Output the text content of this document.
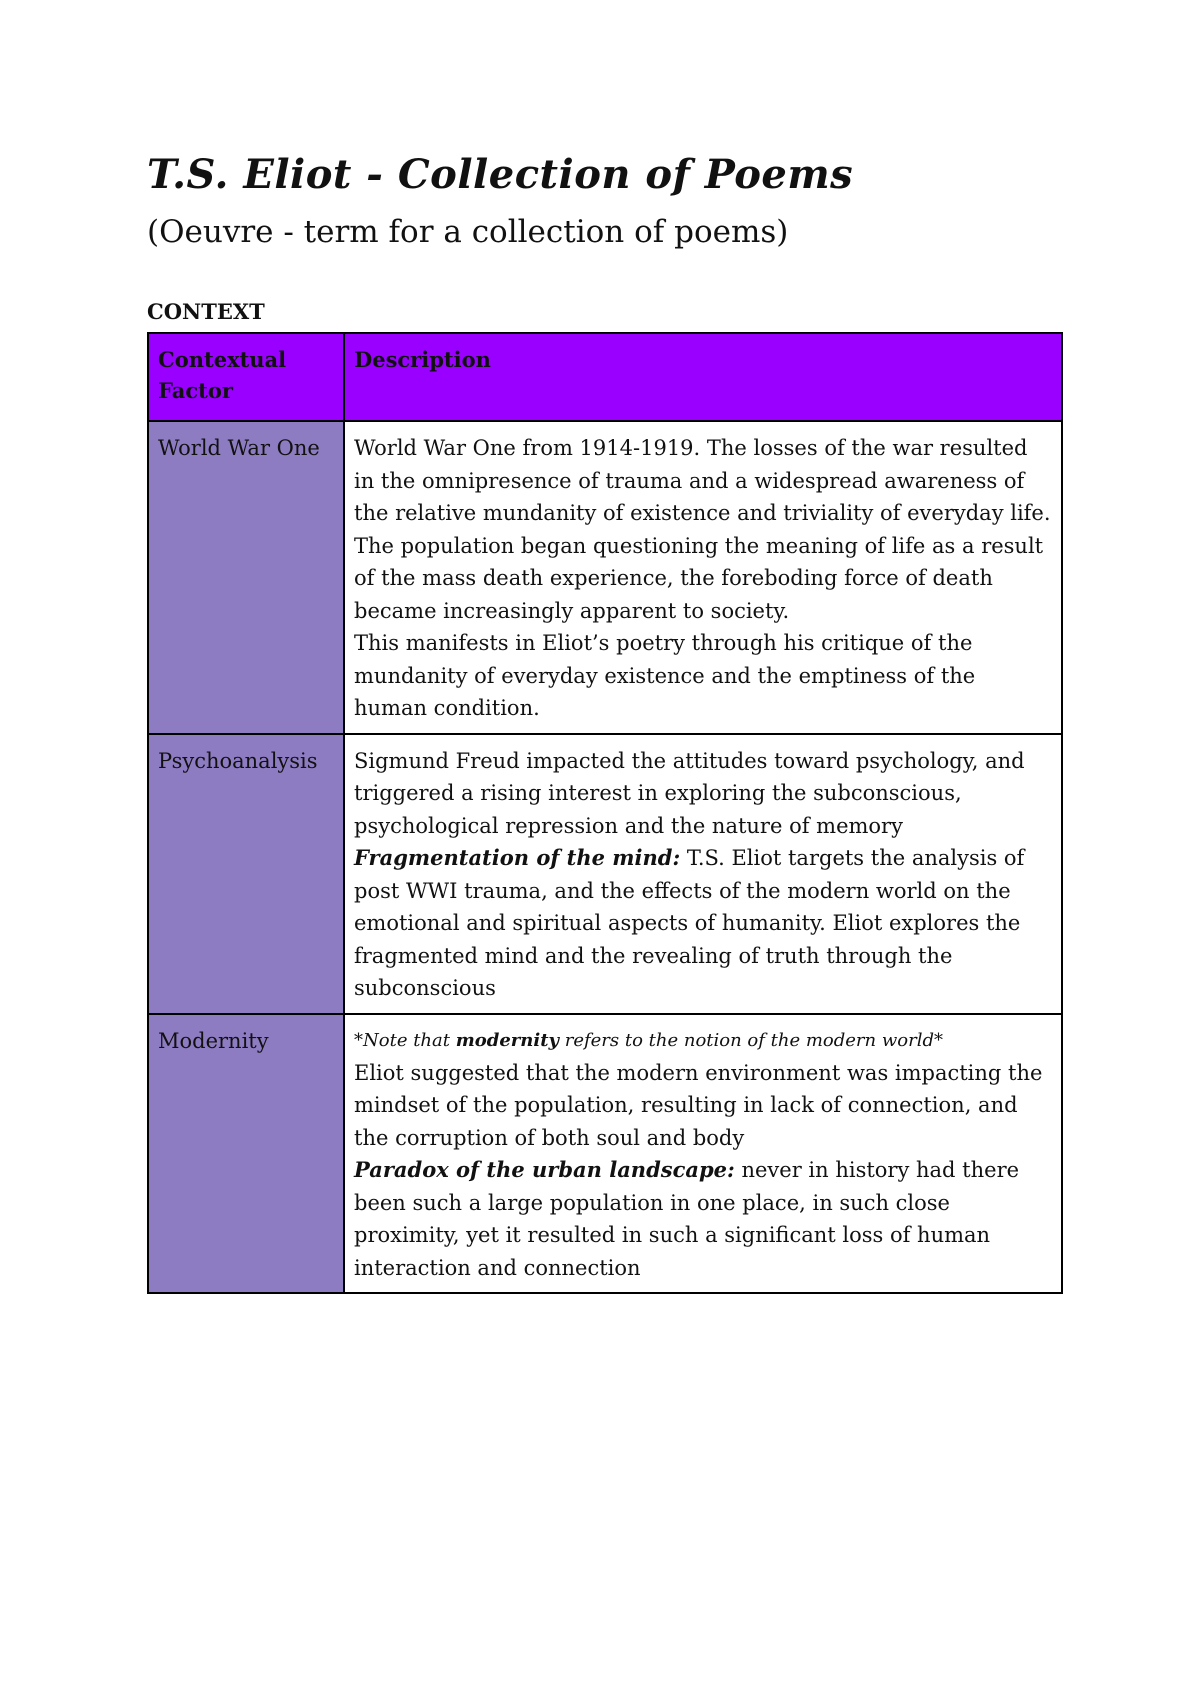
T.S. Eliot - Collection of Poems

(Oeuvre - term for a collection of poems)

CONTEXT
Contextual Factor	Description
World War One	World War One from 1914-1919. The losses of the war resulted in the omnipresence of trauma and a widespread awareness of the relative mundanity of existence and triviality of everyday life. The population began questioning the meaning of life as a result of the mass death experience, the foreboding force of death became increasingly apparent to society.
This manifests in Eliot’s poetry through his critique of the mundanity of everyday existence and the emptiness of the human condition.

Psychoanalysis	Sigmund Freud impacted the attitudes toward psychology, and triggered a rising interest in exploring the subconscious, psychological repression and the nature of memory
Fragmentation of the mind: T.S. Eliot targets the analysis of post WWI trauma, and the effects of the modern world on the emotional and spiritual aspects of humanity. Eliot explores the fragmented mind and the revealing of truth through the subconscious

Modernity	*Note that modernity refers to the notion of the modern world*
Eliot suggested that the modern environment was impacting the mindset of the population, resulting in lack of connection, and the corruption of both soul and body
Paradox of the urban landscape: never in history had there been such a large population in one place, in such close proximity, yet it resulted in such a significant loss of human interaction and connection
